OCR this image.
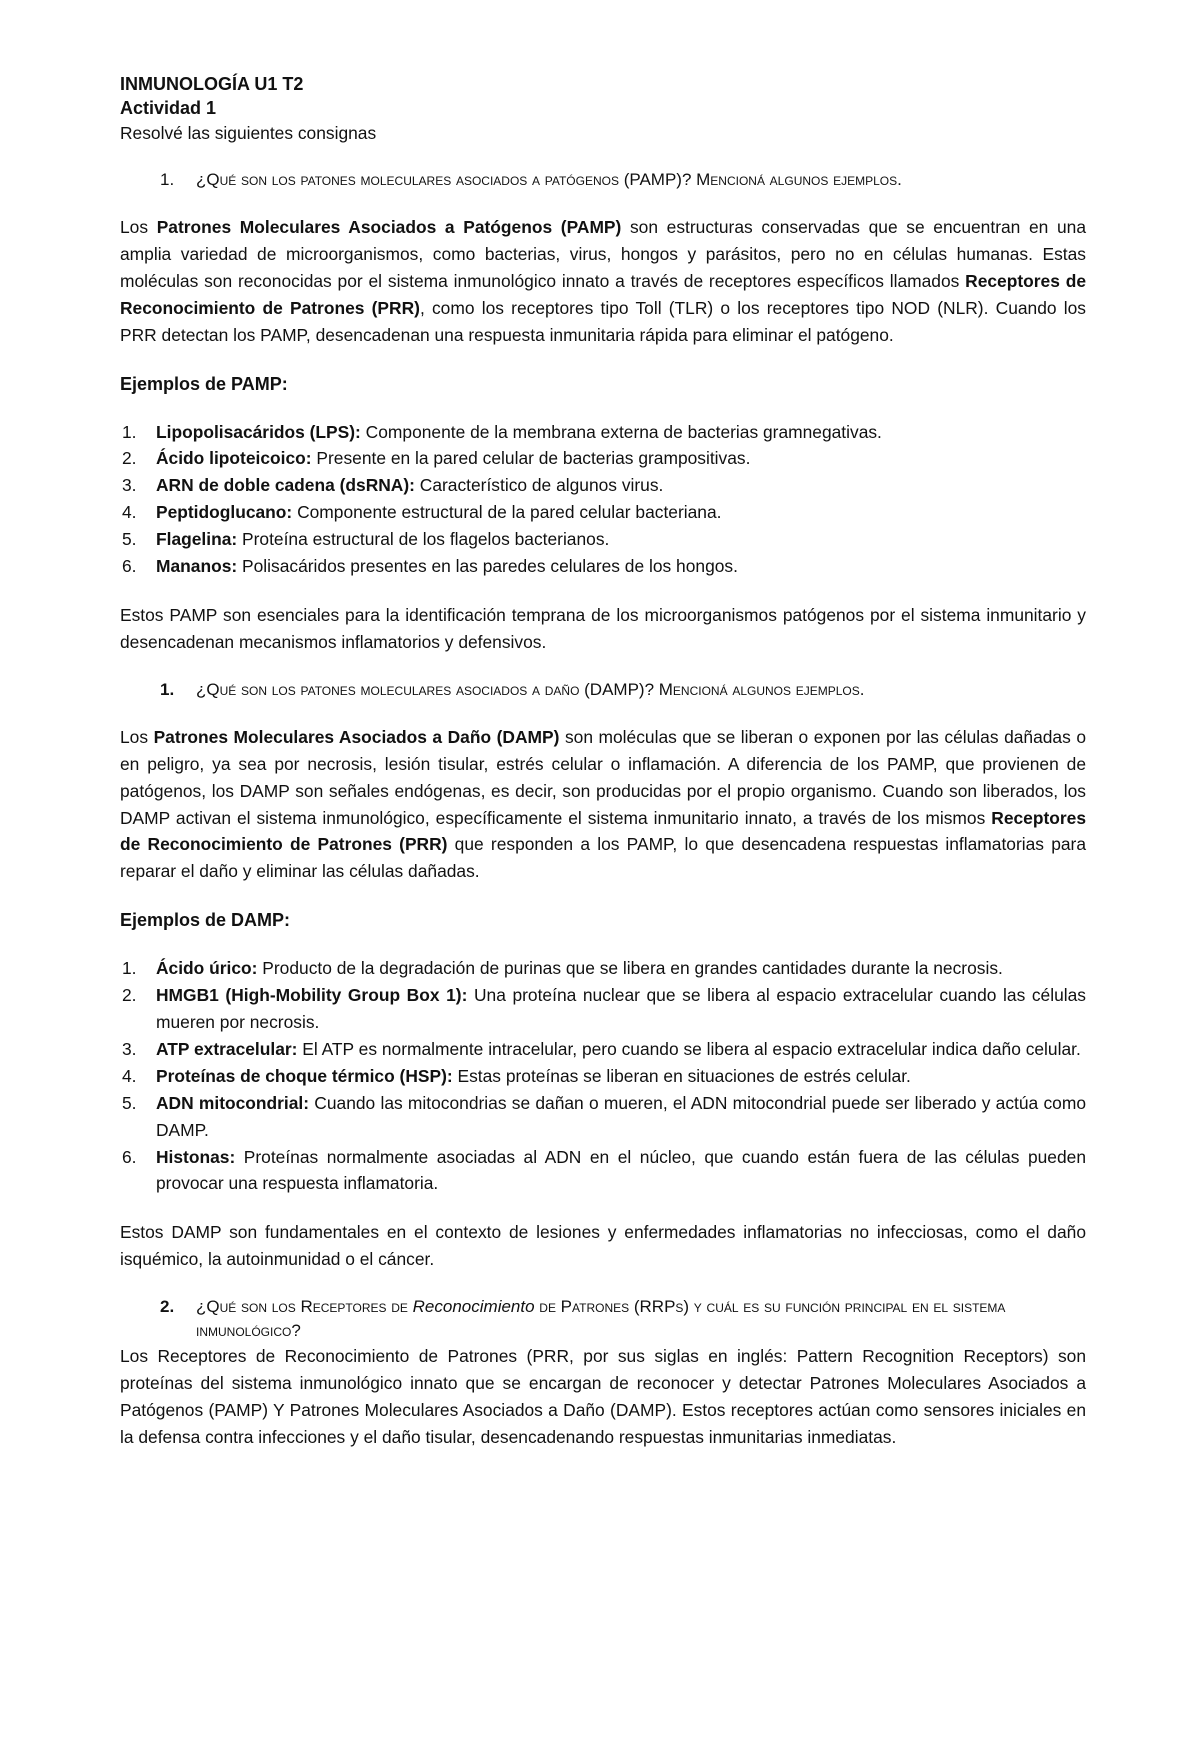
INMUNOLOGÍA U1 T2
Actividad 1
Resolvé las siguientes consignas
1.	¿Qué son los patones moleculares asociados a patógenos (PAMP)? Mencioná algunos ejemplos.

Los Patrones Moleculares Asociados a Patógenos (PAMP) son estructuras conservadas que se encuentran en una amplia variedad de microorganismos, como bacterias, virus, hongos y parásitos, pero no en células humanas. Estas moléculas son reconocidas por el sistema inmunológico innato a través de receptores específicos llamados Receptores de Reconocimiento de Patrones (PRR), como los receptores tipo Toll (TLR) o los receptores tipo NOD (NLR). Cuando los PRR detectan los PAMP, desencadenan una respuesta inmunitaria rápida para eliminar el patógeno.

Ejemplos de PAMP:
1.	Lipopolisacáridos (LPS): Componente de la membrana externa de bacterias gramnegativas.
2.	Ácido lipoteicoico: Presente en la pared celular de bacterias grampositivas.
3.	ARN de doble cadena (dsRNA): Característico de algunos virus.
4.	Peptidoglucano: Componente estructural de la pared celular bacteriana.
5.	Flagelina: Proteína estructural de los flagelos bacterianos.
6.	Mananos: Polisacáridos presentes en las paredes celulares de los hongos.

Estos PAMP son esenciales para la identificación temprana de los microorganismos patógenos por el sistema inmunitario y desencadenan mecanismos inflamatorios y defensivos.

1.	¿Qué son los patones moleculares asociados a daño (DAMP)? Mencioná algunos ejemplos.

Los Patrones Moleculares Asociados a Daño (DAMP) son moléculas que se liberan o exponen por las células dañadas o en peligro, ya sea por necrosis, lesión tisular, estrés celular o inflamación. A diferencia de los PAMP, que provienen de patógenos, los DAMP son señales endógenas, es decir, son producidas por el propio organismo. Cuando son liberados, los DAMP activan el sistema inmunológico, específicamente el sistema inmunitario innato, a través de los mismos Receptores de Reconocimiento de Patrones (PRR) que responden a los PAMP, lo que desencadena respuestas inflamatorias para reparar el daño y eliminar las células dañadas.

Ejemplos de DAMP:
1.	Ácido úrico: Producto de la degradación de purinas que se libera en grandes cantidades durante la necrosis.
2.	HMGB1 (High-Mobility Group Box 1): Una proteína nuclear que se libera al espacio extracelular cuando las células mueren por necrosis.
3.	ATP extracelular: El ATP es normalmente intracelular, pero cuando se libera al espacio extracelular indica daño celular.
4.	Proteínas de choque térmico (HSP): Estas proteínas se liberan en situaciones de estrés celular.
5.	ADN mitocondrial: Cuando las mitocondrias se dañan o mueren, el ADN mitocondrial puede ser liberado y actúa como DAMP.
6.	Histonas: Proteínas normalmente asociadas al ADN en el núcleo, que cuando están fuera de las células pueden provocar una respuesta inflamatoria.

Estos DAMP son fundamentales en el contexto de lesiones y enfermedades inflamatorias no infecciosas, como el daño isquémico, la autoinmunidad o el cáncer.

2.	¿Qué son los Receptores de Reconocimiento de Patrones (RRPs) y cuál es su función principal en el sistema inmunológico?

Los Receptores de Reconocimiento de Patrones (PRR, por sus siglas en inglés: Pattern Recognition Receptors) son proteínas del sistema inmunológico innato que se encargan de reconocer y detectar Patrones Moleculares Asociados a Patógenos (PAMP) Y Patrones Moleculares Asociados a Daño (DAMP). Estos receptores actúan como sensores iniciales en la defensa contra infecciones y el daño tisular, desencadenando respuestas inmunitarias inmediatas.
